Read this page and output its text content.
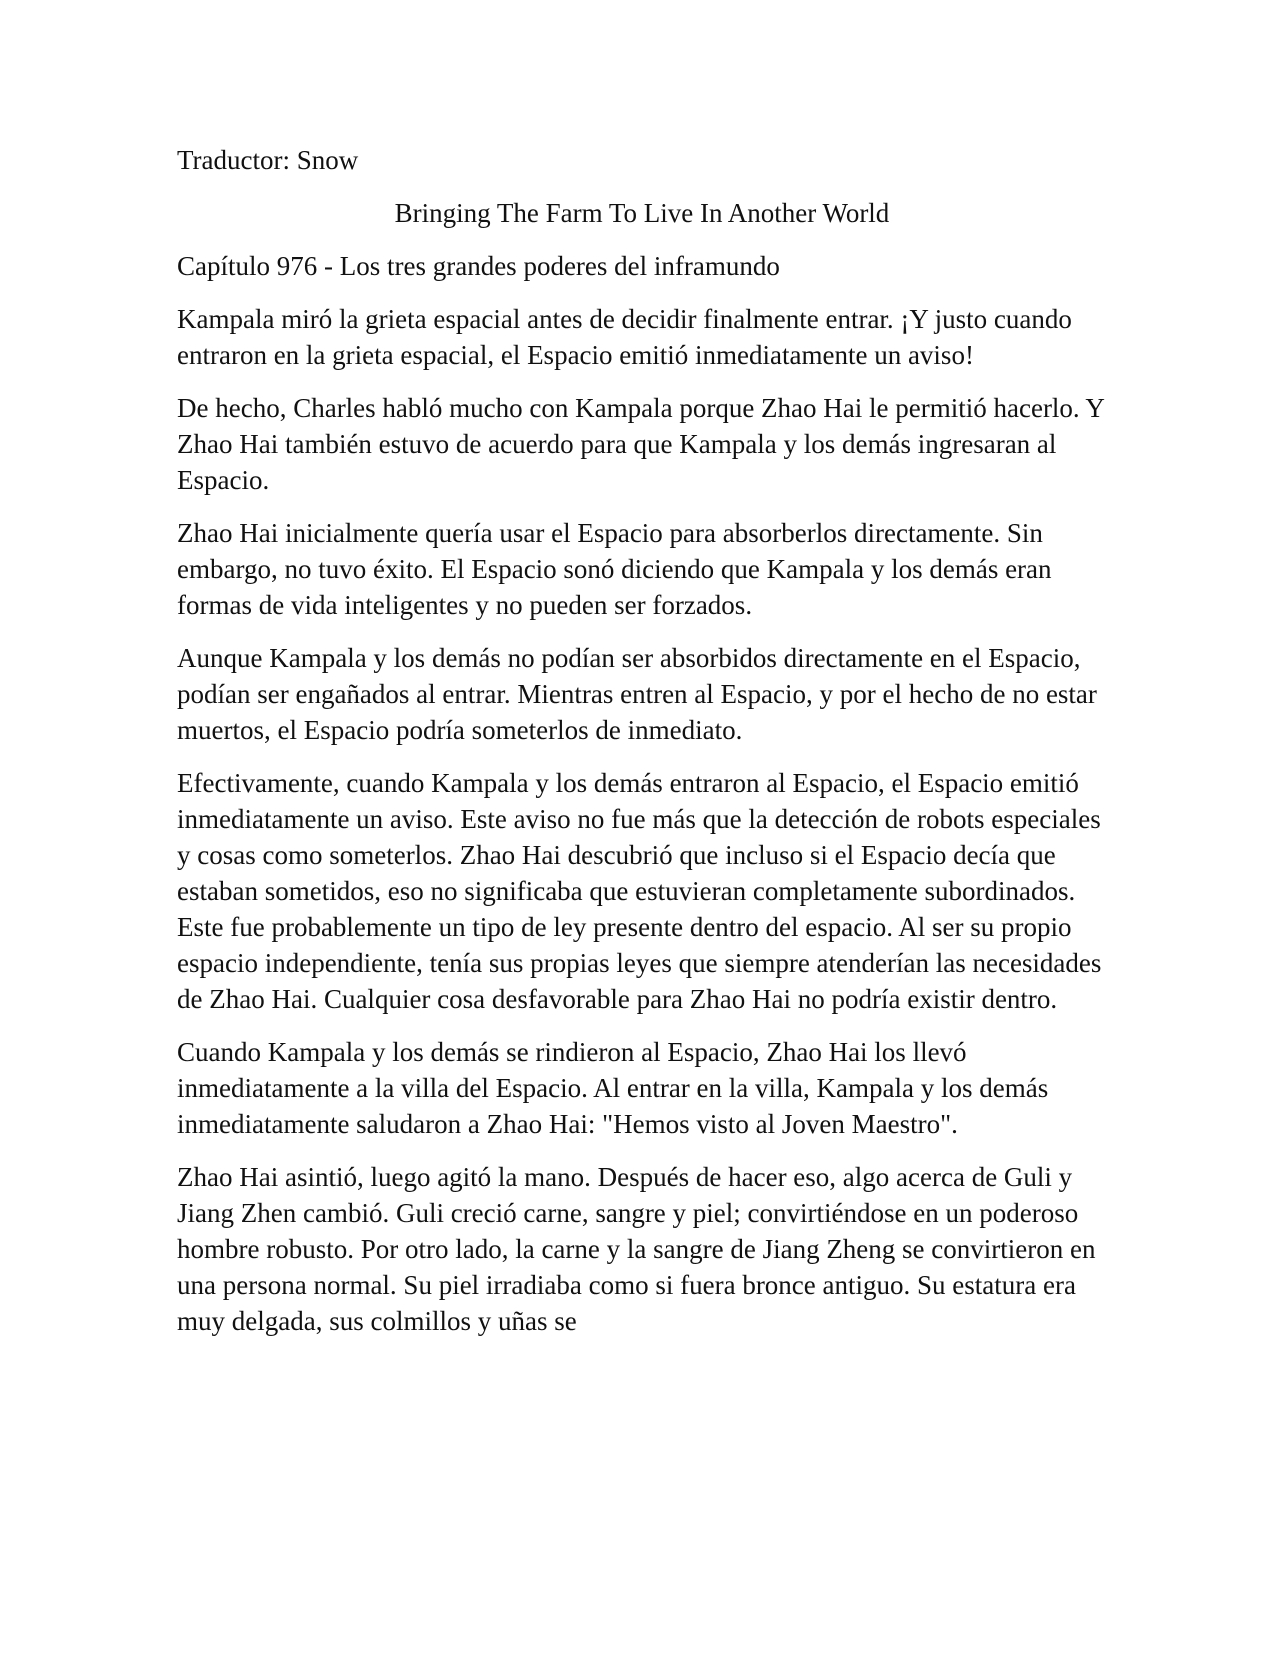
Traductor: Snow

Bringing The Farm To Live In Another World

Capítulo 976 - Los tres grandes poderes del inframundo

Kampala miró la grieta espacial antes de decidir finalmente entrar. ¡Y justo cuando entraron en la grieta espacial, el Espacio emitió inmediatamente un aviso!

De hecho, Charles habló mucho con Kampala porque Zhao Hai le permitió hacerlo. Y Zhao Hai también estuvo de acuerdo para que Kampala y los demás ingresaran al Espacio.

Zhao Hai inicialmente quería usar el Espacio para absorberlos directamente. Sin embargo, no tuvo éxito. El Espacio sonó diciendo que Kampala y los demás eran formas de vida inteligentes y no pueden ser forzados.

Aunque Kampala y los demás no podían ser absorbidos directamente en el Espacio, podían ser engañados al entrar. Mientras entren al Espacio, y por el hecho de no estar muertos, el Espacio podría someterlos de inmediato.

Efectivamente, cuando Kampala y los demás entraron al Espacio, el Espacio emitió inmediatamente un aviso. Este aviso no fue más que la detección de robots especiales y cosas como someterlos. Zhao Hai descubrió que incluso si el Espacio decía que estaban sometidos, eso no significaba que estuvieran completamente subordinados. Este fue probablemente un tipo de ley presente dentro del espacio. Al ser su propio espacio independiente, tenía sus propias leyes que siempre atenderían las necesidades de Zhao Hai. Cualquier cosa desfavorable para Zhao Hai no podría existir dentro.

Cuando Kampala y los demás se rindieron al Espacio, Zhao Hai los llevó inmediatamente a la villa del Espacio. Al entrar en la villa, Kampala y los demás inmediatamente saludaron a Zhao Hai: "Hemos visto al Joven Maestro".

Zhao Hai asintió, luego agitó la mano. Después de hacer eso, algo acerca de Guli y Jiang Zhen cambió. Guli creció carne, sangre y piel; convirtiéndose en un poderoso hombre robusto. Por otro lado, la carne y la sangre de Jiang Zheng se convirtieron en una persona normal. Su piel irradiaba como si fuera bronce antiguo. Su estatura era muy delgada, sus colmillos y uñas se
